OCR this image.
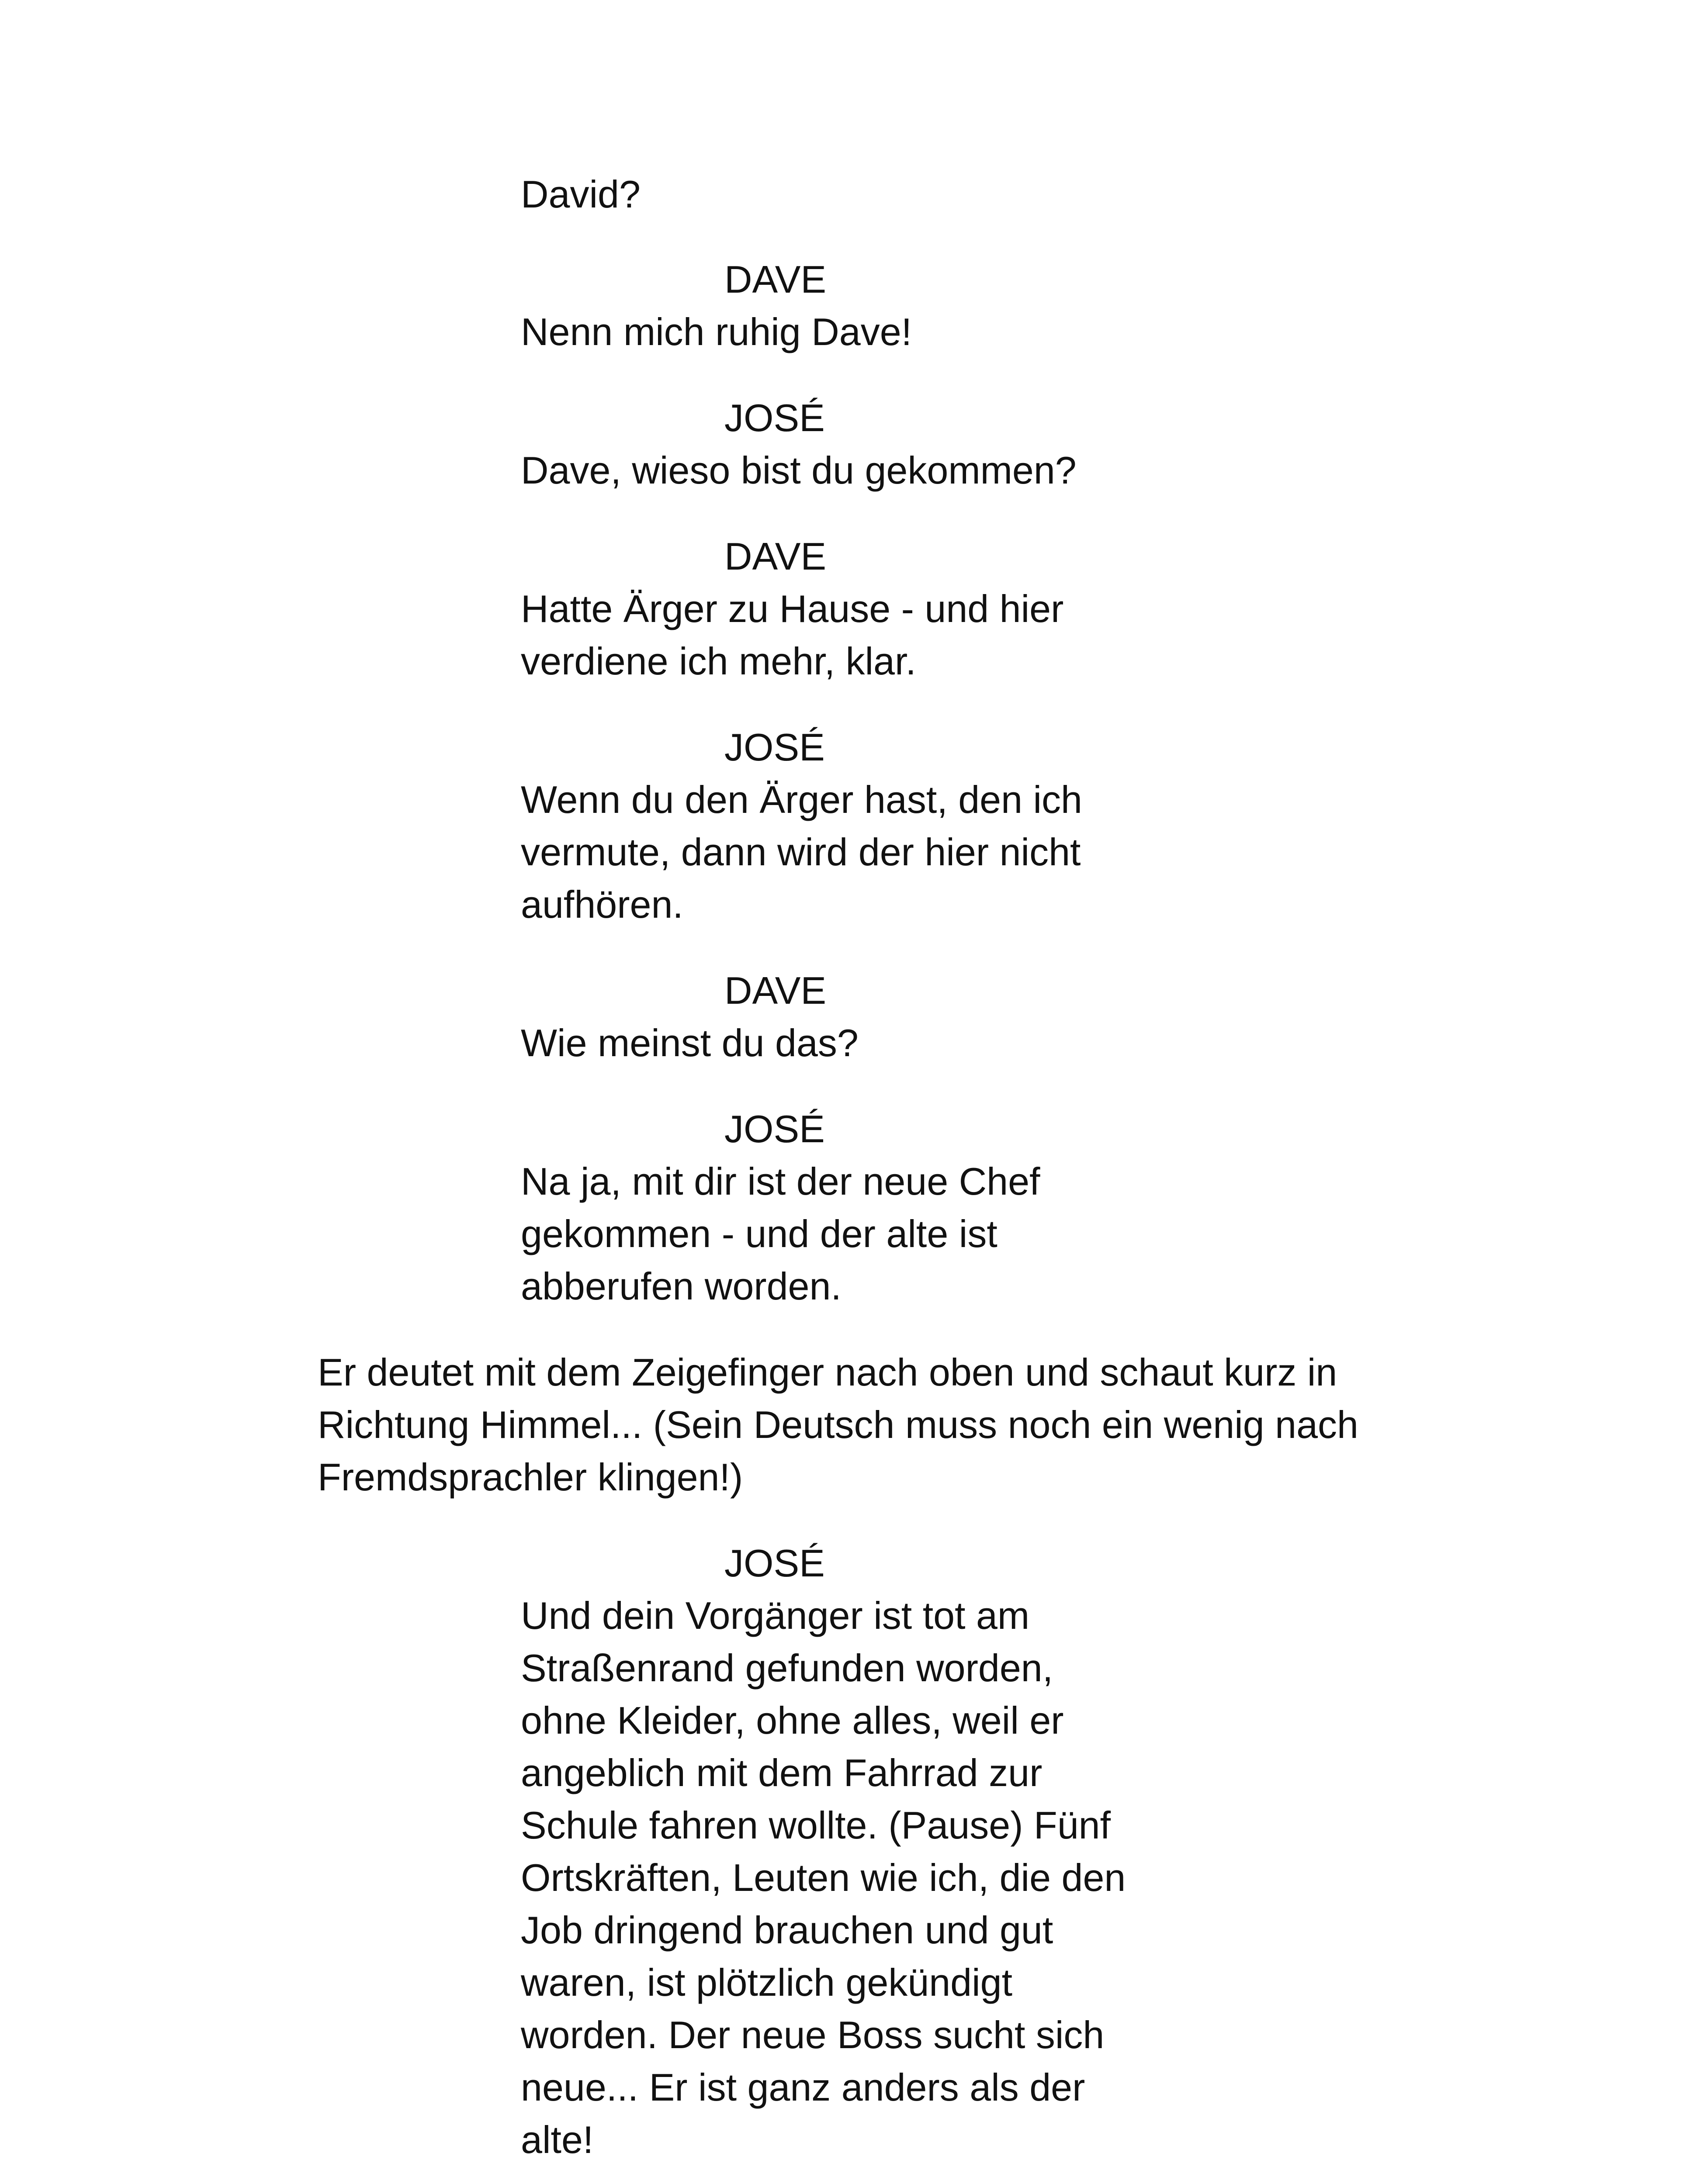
David?
DAVE
Nenn mich ruhig Dave!
JOSÉ
Dave, wieso bist du gekommen?
DAVE
Hatte Ärger zu Hause - und hier
verdiene ich mehr, klar.
JOSÉ
Wenn du den Ärger hast, den ich
vermute, dann wird der hier nicht
aufhören.
DAVE
Wie meinst du das?
JOSÉ
Na ja, mit dir ist der neue Chef
gekommen - und der alte ist
abberufen worden.
Er deutet mit dem Zeigefinger nach oben und schaut kurz in
Richtung Himmel... (Sein Deutsch muss noch ein wenig nach
Fremdsprachler klingen!)
JOSÉ
Und dein Vorgänger ist tot am
Straßenrand gefunden worden,
ohne Kleider, ohne alles, weil er
angeblich mit dem Fahrrad zur
Schule fahren wollte. (Pause) Fünf
Ortskräften, Leuten wie ich, die den
Job dringend brauchen und gut
waren, ist plötzlich gekündigt
worden. Der neue Boss sucht sich
neue... Er ist ganz anders als der
alte!
